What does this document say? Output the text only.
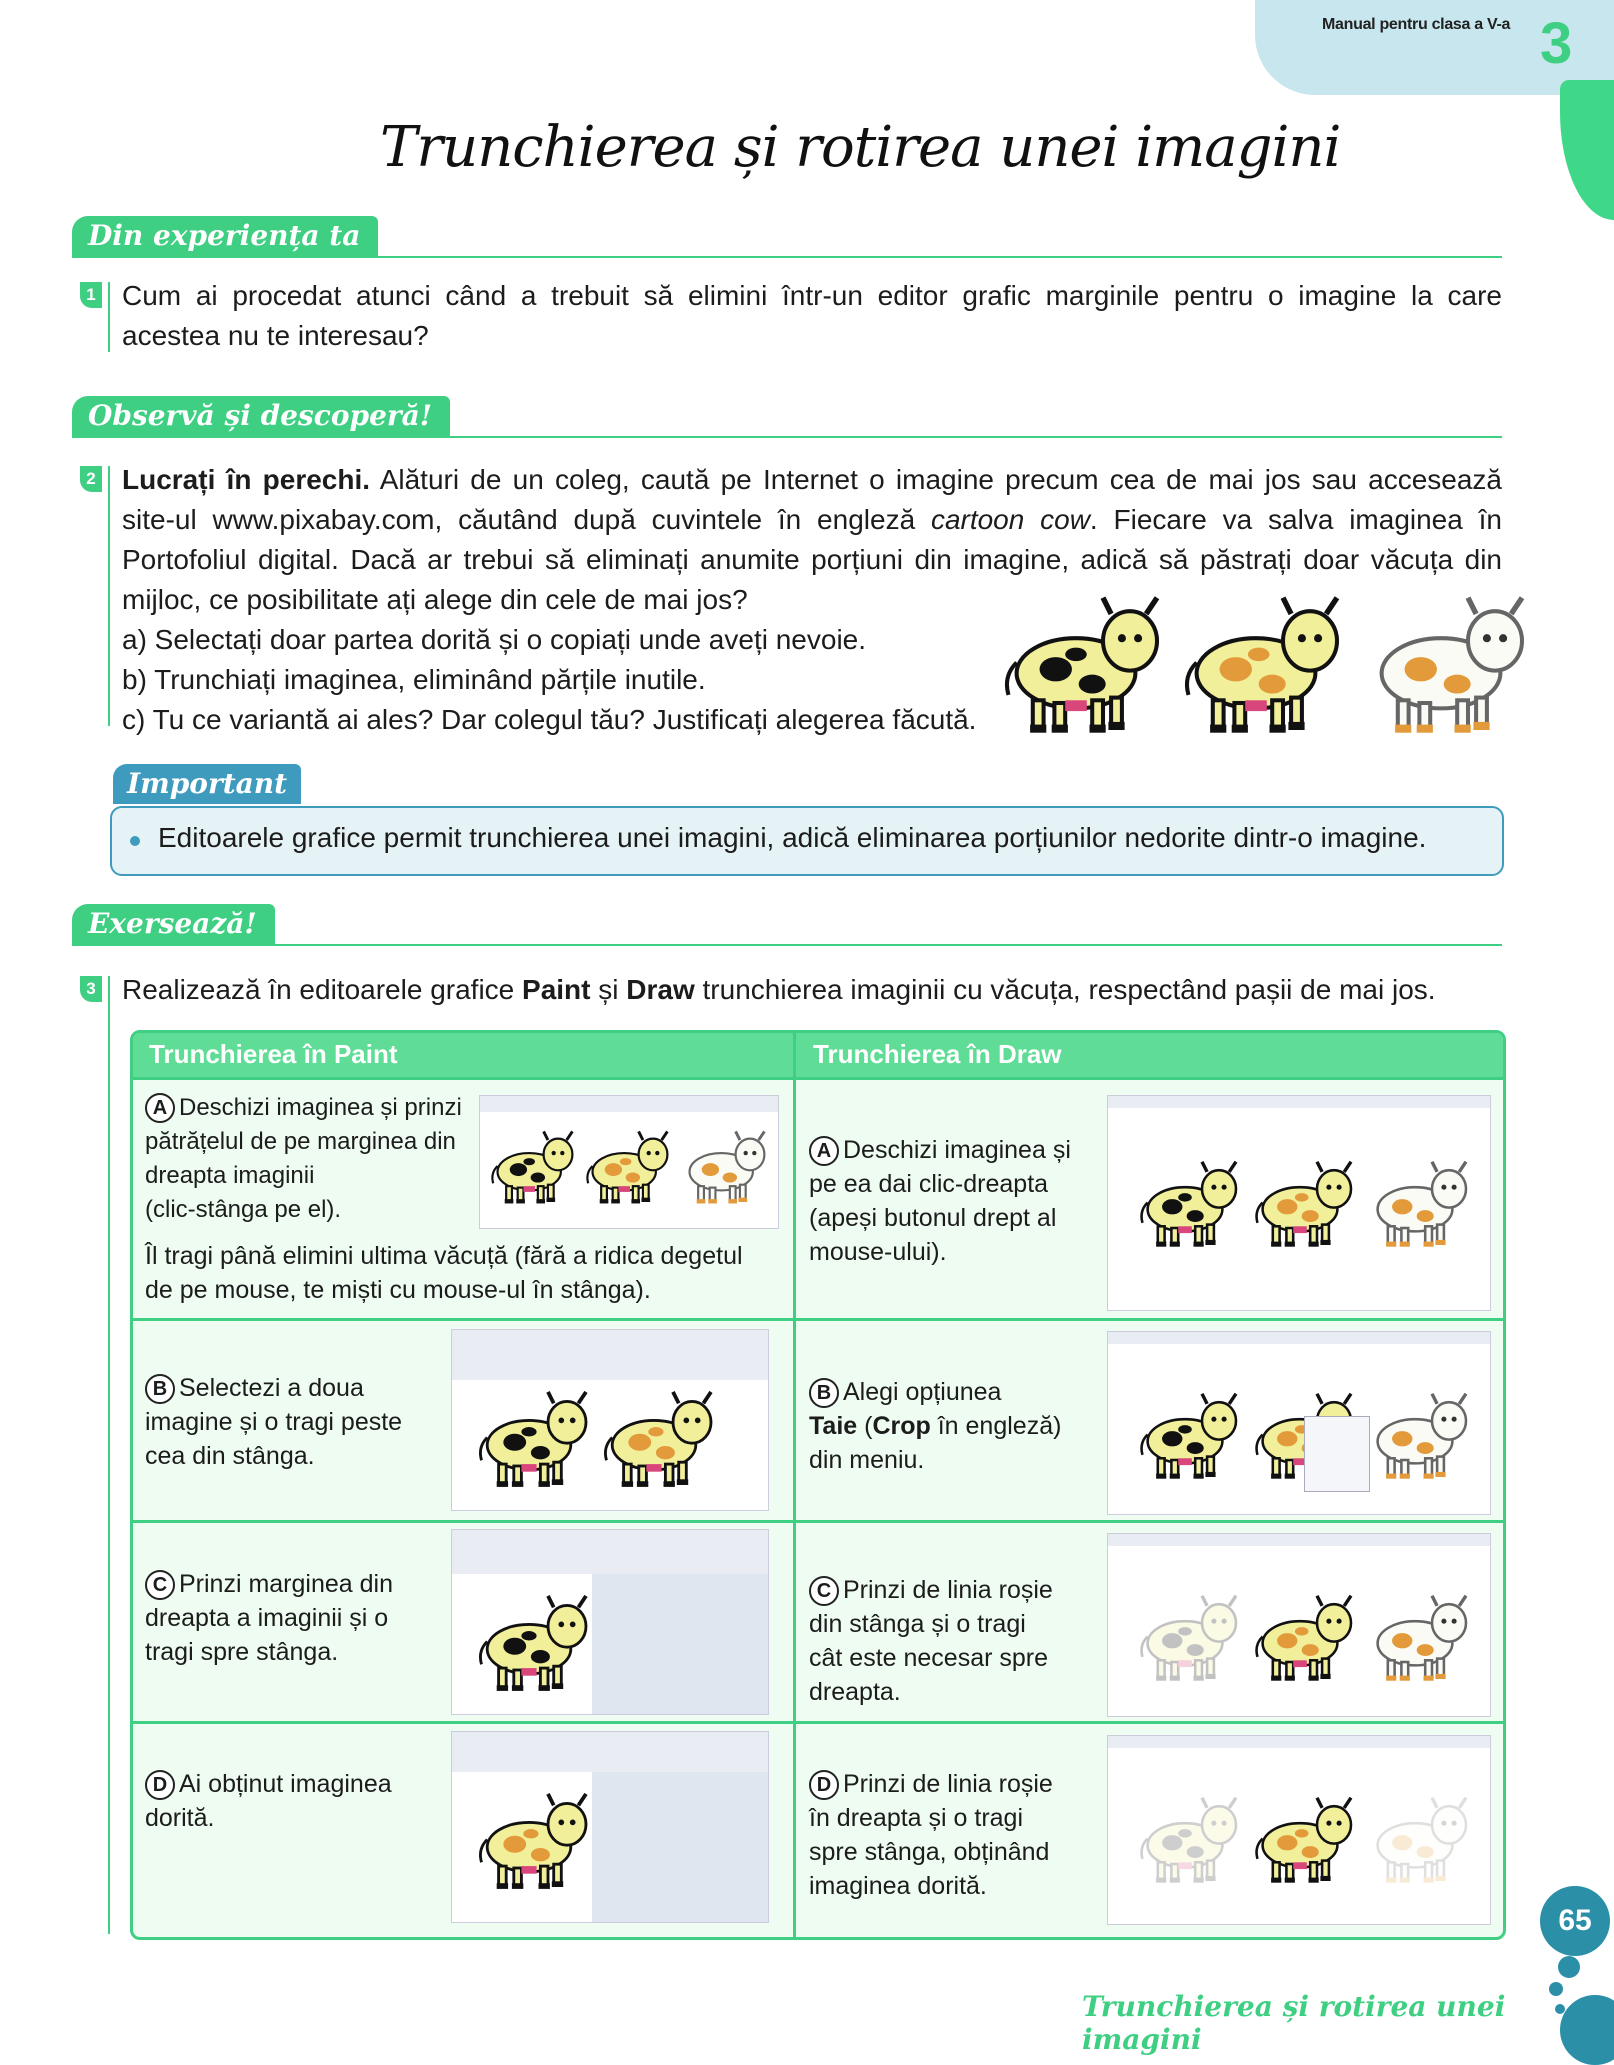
Manual pentru clasa a V-a 3
Trunchierea și rotirea unei imagini
Din experiența ta
1 Cum ai procedat atunci când a trebuit să elimini într-un editor grafic marginile pentru o imagine la care
acestea nu te interesau?
Observă și descoperă!
2 Lucrați în perechi. Alături de un coleg, caută pe Internet o imagine precum cea de mai jos sau accesează
site-ul www.pixabay.com, căutând după cuvintele în engleză cartoon cow. Fiecare va salva imaginea în
Portofoliul digital. Dacă ar trebui să eliminați anumite porțiuni din imagine, adică să păstrați doar văcuța din
mijloc, ce posibilitate ați alege din cele de mai jos?
a) Selectați doar partea dorită și o copiați unde aveți nevoie.
b) Trunchiați imaginea, eliminând părțile inutile.
c) Tu ce variantă ai ales? Dar colegul tău? Justificați alegerea făcută.
Important
Editoarele grafice permit trunchierea unei imagini, adică eliminarea porțiunilor nedorite dintr-o imagine.
Exersează!
3 Realizează în editoarele grafice Paint și Draw trunchierea imaginii cu văcuța, respectând pașii de mai jos.
Trunchierea în Paint	Trunchierea în Draw
A Deschizi imaginea și prinzi
pătrățelul de pe marginea din
dreapta imaginii
(clic-stânga pe el).
Îl tragi până elimini ultima văcuță (fără a ridica degetul
de pe mouse, te miști cu mouse-ul în stânga).
B Selectezi a doua
imagine și o tragi peste
cea din stânga.
C Prinzi marginea din
dreapta a imaginii și o
tragi spre stânga.
D Ai obținut imaginea
dorită.
A Deschizi imaginea și
pe ea dai clic-dreapta
(apeși butonul drept al
mouse-ului).
B Alegi opțiunea
Taie (Crop în engleză)
din meniu.
C Prinzi de linia roșie
din stânga și o tragi
cât este necesar spre
dreapta.
D Prinzi de linia roșie
în dreapta și o tragi
spre stânga, obținând
imaginea dorită.
65
Trunchierea și rotirea unei imagini
